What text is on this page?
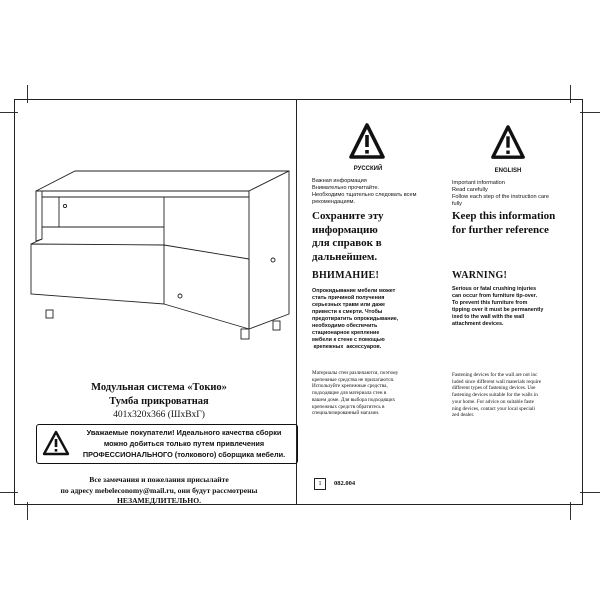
Модульная система «Токио»
Тумба прикроватная
401x320x366 (ШхВхГ)
Уважаемые покупатели! Идеального качества сборки
можно добиться только путем привлечения
ПРОФЕССИОНАЛЬНОГО (толкового) сборщика мебели.
Все замечания и пожелания присылайте
по адресу mebeleconomy@mail.ru, они будут рассмотрены
НЕЗАМЕДЛИТЕЛЬНО.
РУССКИЙ
Важная информация
Внимательно прочитайте.
Необходимо тщательно следовать всем
рекомендациям.
Сохраните эту
информацию
для справок в
дальнейшем.
ВНИМАНИЕ!
Опрокидывание мебели может
стать причиной получения
серьезных травм или даже
привести к смерти. Чтобы
предотвратить опрокидывание,
необходимо обеспечить
стационарное крепление
мебели к стене с помощью
крепежных  аксессуаров.
Материалы стен различаются, поэтому
крепежные средства не прилагаются.
Используйте крепежные средства,
подходящие для материала стен в
вашем доме. Для выбора подходящих
крепежных средств обратитесь в
специализированный магазин.
ENGLISH
Important information
Read carefully
Follow each step of the instruction care
fully
Keep this information
for further reference
WARNING!
Serious or fatal crushing injuries
can occur from furniture tip-over.
To prevent this furniture from
tipping over it must be permanently
ixed to the wall with the wall
attachment devices.
Fastening devices for the wall are not inc
luded since different wall materials require
different types of fastening devices. Use
fastening devices suitable for the walls in
your home. For advice on suitable faste
ning devices, contact your local speciali
zed dealer.
1	082.004
